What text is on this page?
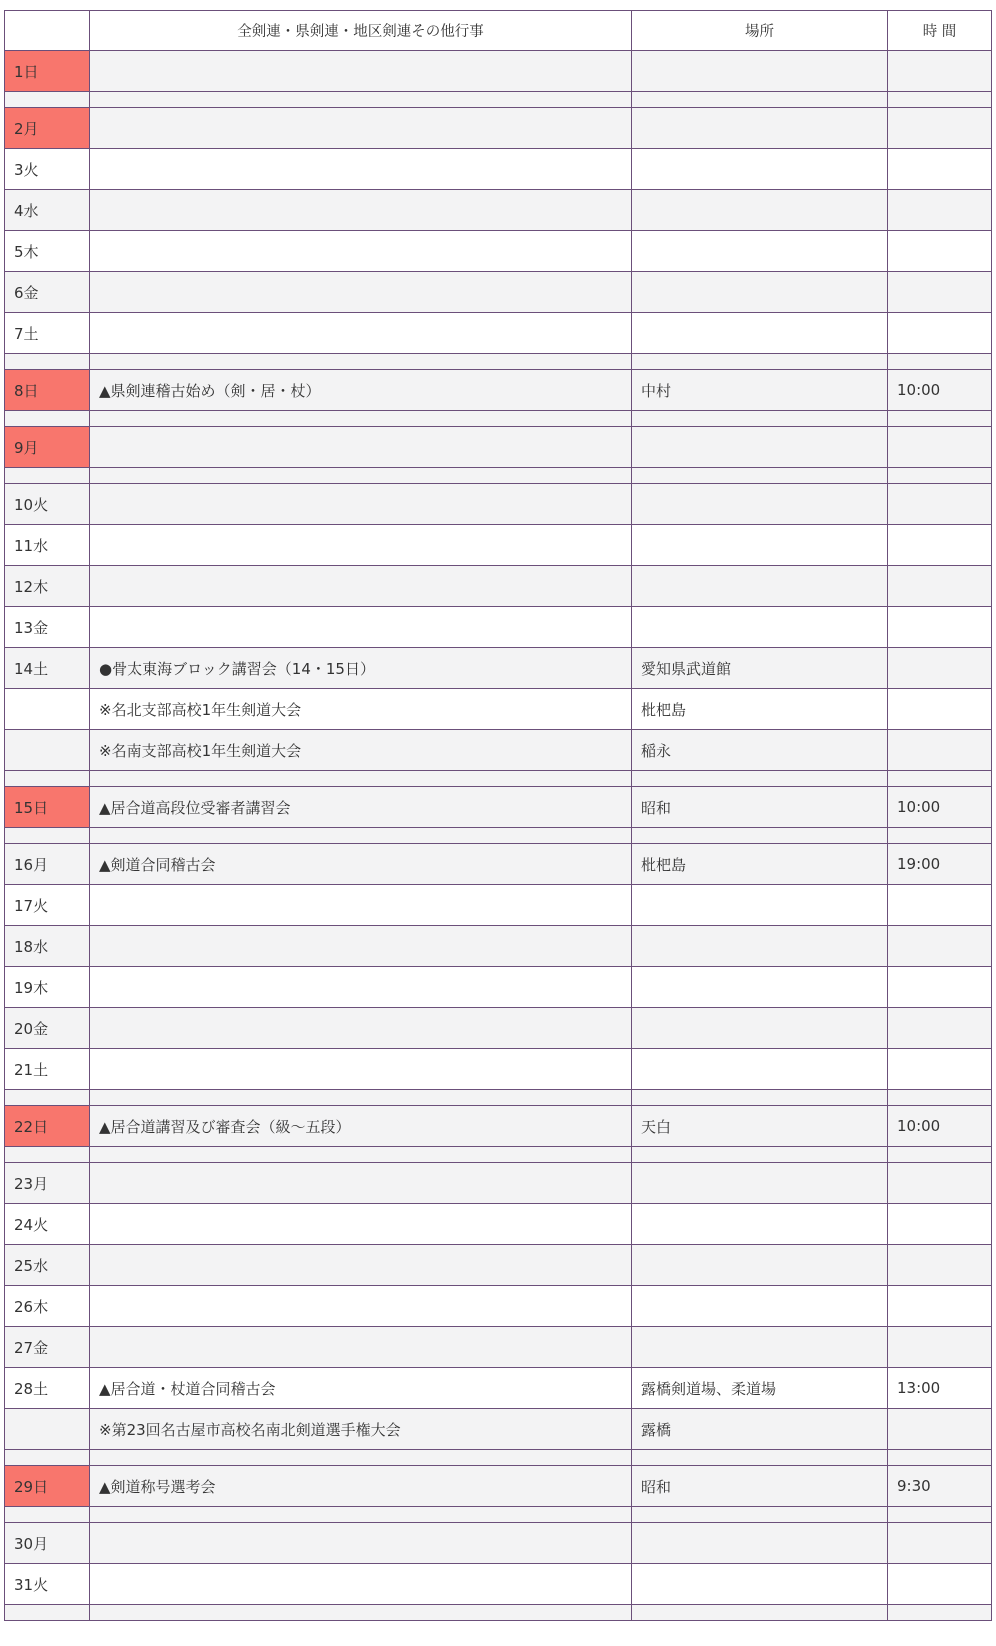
	全剣連・県剣連・地区剣連その他行事	場所	時 間
1日			

2月			
3火			
4水			
5木			
6金			
7土			

8日	▲県剣連稽古始め（剣・居・杖）	中村	10:00

9月			

10火			
11水			
12木			
13金			
14土	●骨太東海ブロック講習会（14・15日）	愛知県武道館	
	※名北支部高校1年生剣道大会	枇杷島	
	※名南支部高校1年生剣道大会	稲永	

15日	▲居合道高段位受審者講習会	昭和	10:00

16月	▲剣道合同稽古会	枇杷島	19:00
17火			
18水			
19木			
20金			
21土			

22日	▲居合道講習及び審査会（級〜五段）	天白	10:00

23月			
24火			
25水			
26木			
27金			
28土	▲居合道・杖道合同稽古会	露橋剣道場、柔道場	13:00
	※第23回名古屋市高校名南北剣道選手権大会	露橋	

29日	▲剣道称号選考会	昭和	9:30

30月			
31火			
